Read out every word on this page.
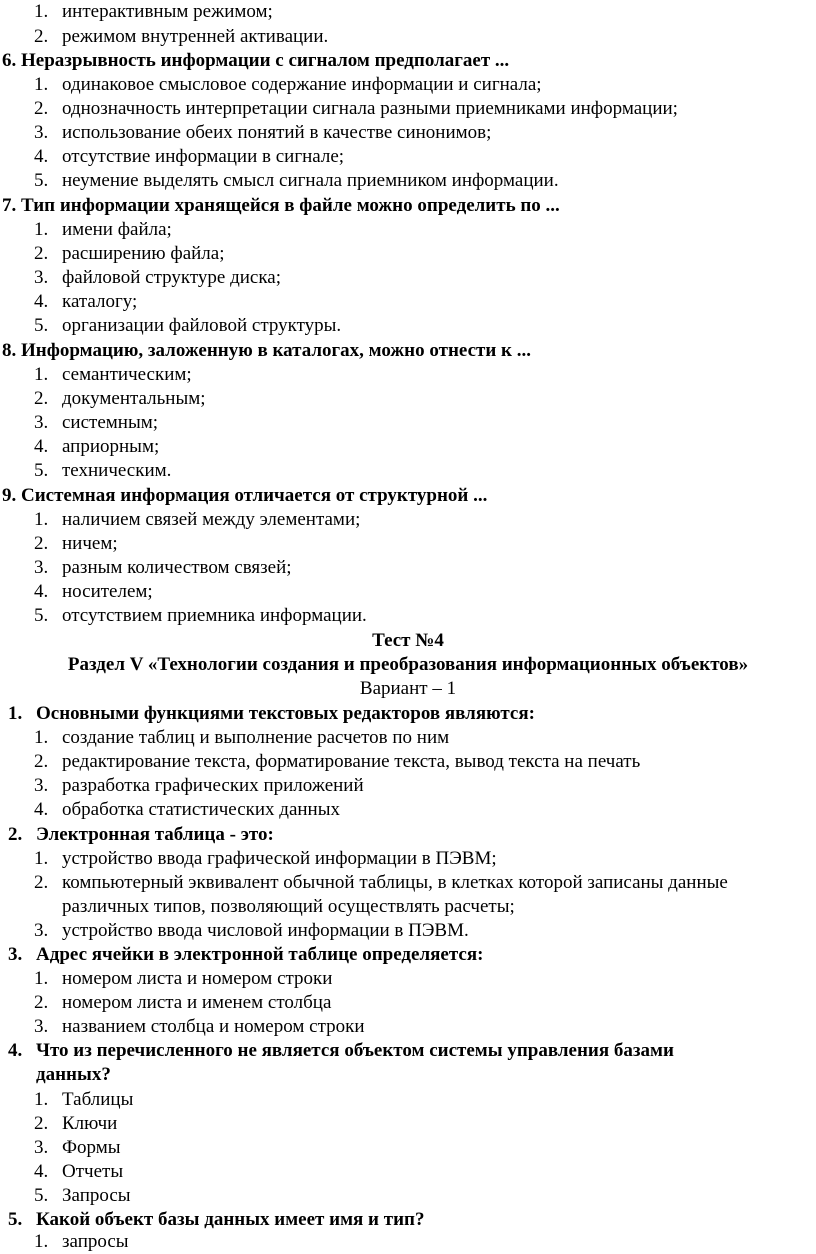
1. интерактивным режимом;
2. режимом внутренней активации.
6. Неразрывность информации с сигналом предполагает ...
1. одинаковое смысловое содержание информации и сигнала;
2. однозначность интерпретации сигнала разными приемниками информации;
3. использование обеих понятий в качестве синонимов;
4. отсутствие информации в сигнале;
5. неумение выделять смысл сигнала приемником информации.
7. Тип информации хранящейся в файле можно определить по ...
1. имени файла;
2. расширению файла;
3. файловой структуре диска;
4. каталогу;
5. организации файловой структуры.
8. Информацию, заложенную в каталогах, можно отнести к ...
1. семантическим;
2. документальным;
3. системным;
4. априорным;
5. техническим.
9. Системная информация отличается от структурной ...
1. наличием связей между элементами;
2. ничем;
3. разным количеством связей;
4. носителем;
5. отсутствием приемника информации.
Тест №4
Раздел V «Технологии создания и преобразования информационных объектов»
Вариант – 1
1. Основными функциями текстовых редакторов являются:
1. создание таблиц и выполнение расчетов по ним
2. редактирование текста, форматирование текста, вывод текста на печать
3. разработка графических приложений
4. обработка статистических данных
2. Электронная таблица - это:
1. устройство ввода графической информации в ПЭВМ;
2. компьютерный эквивалент обычной таблицы, в клетках которой записаны данные
различных типов, позволяющий осуществлять расчеты;
3. устройство ввода числовой информации в ПЭВМ.
3. Адрес ячейки в электронной таблице определяется:
1. номером листа и номером строки
2. номером листа и именем столбца
3. названием столбца и номером строки
4. Что из перечисленного не является объектом системы управления базами
данных?
1. Таблицы
2. Ключи
3. Формы
4. Отчеты
5. Запросы
5. Какой объект базы данных имеет имя и тип?
1. запросы
